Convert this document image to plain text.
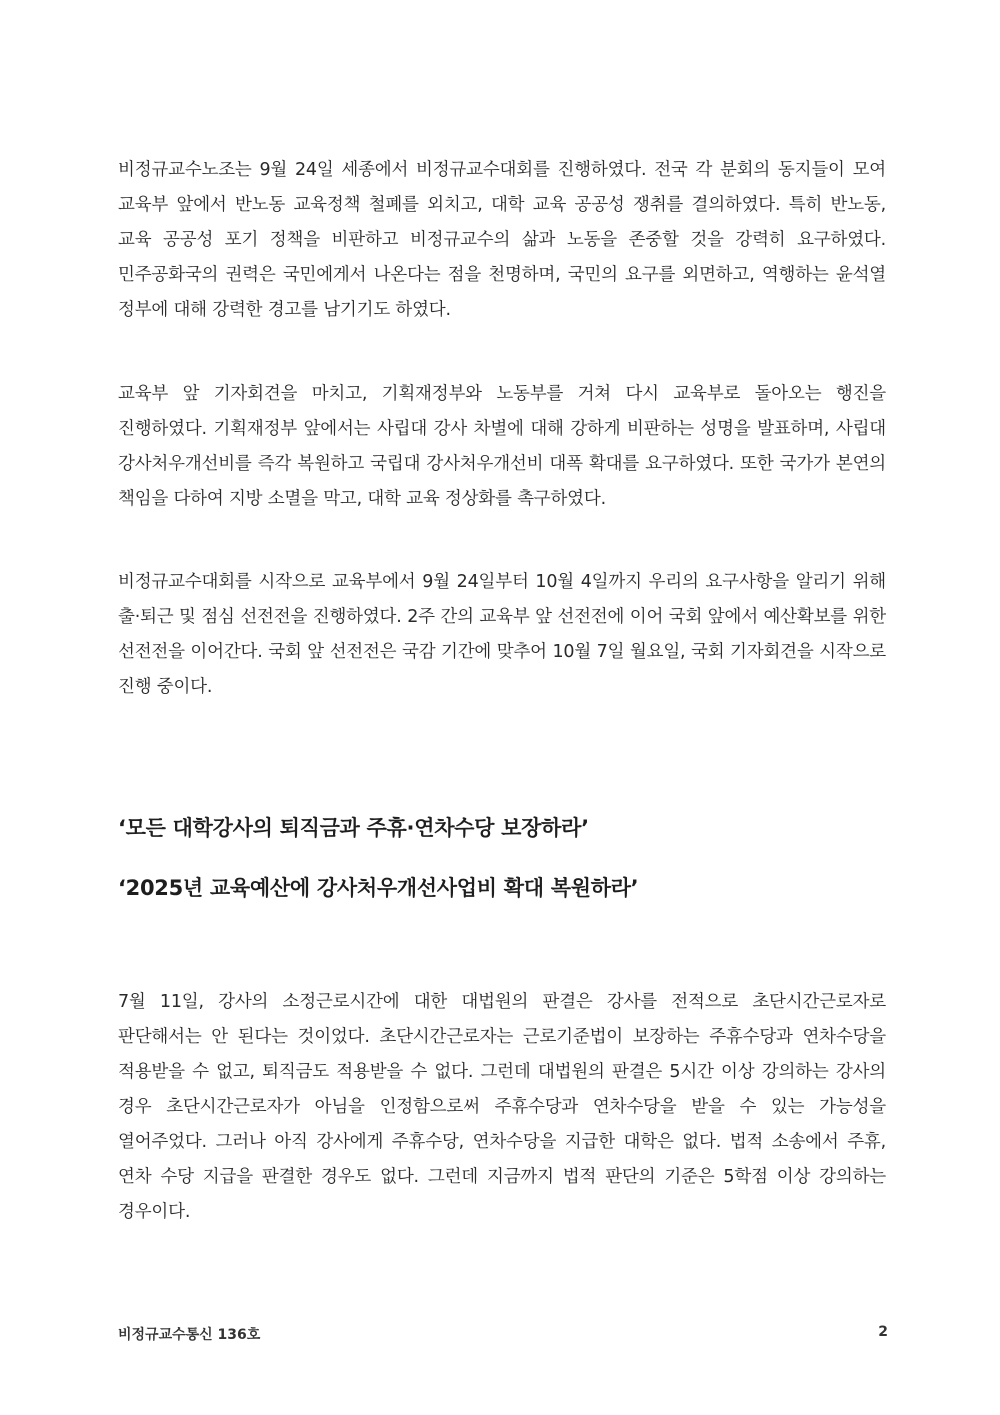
비정규교수노조는 9월 24일 세종에서 비정규교수대회를 진행하였다. 전국 각 분회의 동지들이 모여 교육부 앞에서 반노동 교육정책 철폐를 외치고, 대학 교육 공공성 쟁취를 결의하였다. 특히 반노동, 교육 공공성 포기 정책을 비판하고 비정규교수의 삶과 노동을 존중할 것을 강력히 요구하였다. 민주공화국의 권력은 국민에게서 나온다는 점을 천명하며, 국민의 요구를 외면하고, 역행하는 윤석열 정부에 대해 강력한 경고를 남기기도 하였다.

교육부 앞 기자회견을 마치고, 기획재정부와 노동부를 거쳐 다시 교육부로 돌아오는 행진을 진행하였다. 기획재정부 앞에서는 사립대 강사 차별에 대해 강하게 비판하는 성명을 발표하며, 사립대 강사처우개선비를 즉각 복원하고 국립대 강사처우개선비 대폭 확대를 요구하였다. 또한 국가가 본연의 책임을 다하여 지방 소멸을 막고, 대학 교육 정상화를 촉구하였다.

비정규교수대회를 시작으로 교육부에서 9월 24일부터 10월 4일까지 우리의 요구사항을 알리기 위해 출·퇴근 및 점심 선전전을 진행하였다. 2주 간의 교육부 앞 선전전에 이어 국회 앞에서 예산확보를 위한 선전전을 이어간다. 국회 앞 선전전은 국감 기간에 맞추어 10월 7일 월요일, 국회 기자회견을 시작으로 진행 중이다.

‘모든 대학강사의 퇴직금과 주휴·연차수당 보장하라’
‘2025년 교육예산에 강사처우개선사업비 확대 복원하라’

7월 11일, 강사의 소정근로시간에 대한 대법원의 판결은 강사를 전적으로 초단시간근로자로 판단해서는 안 된다는 것이었다. 초단시간근로자는 근로기준법이 보장하는 주휴수당과 연차수당을 적용받을 수 없고, 퇴직금도 적용받을 수 없다. 그런데 대법원의 판결은 5시간 이상 강의하는 강사의 경우 초단시간근로자가 아님을 인정함으로써 주휴수당과 연차수당을 받을 수 있는 가능성을 열어주었다. 그러나 아직 강사에게 주휴수당, 연차수당을 지급한 대학은 없다. 법적 소송에서 주휴, 연차 수당 지급을 판결한 경우도 없다. 그런데 지금까지 법적 판단의 기준은 5학점 이상 강의하는 경우이다.

비정규교수통신 136호	2
